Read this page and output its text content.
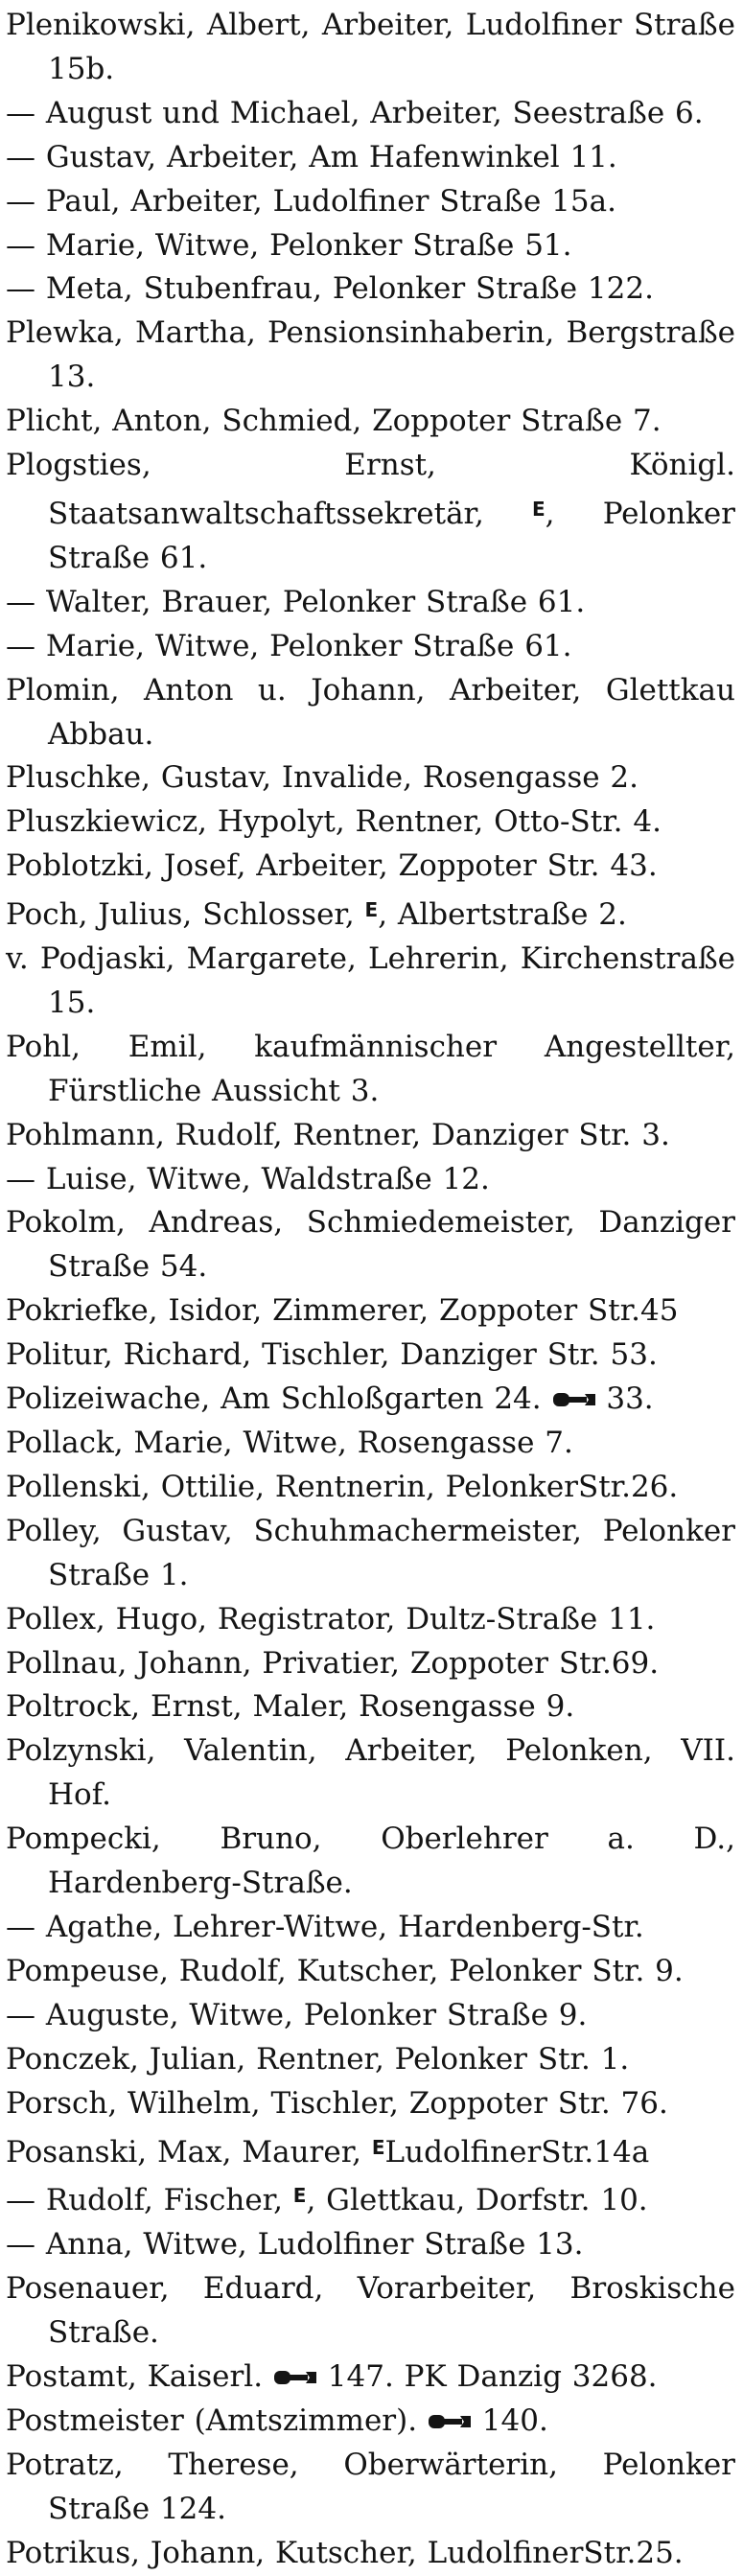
Plenikowski, Albert, Arbeiter, Ludolfiner Straße 15b.
— August und Michael, Arbeiter, Seestraße 6.
— Gustav, Arbeiter, Am Hafenwinkel 11.
— Paul, Arbeiter, Ludolfiner Straße 15a.
— Marie, Witwe, Pelonker Straße 51.
— Meta, Stubenfrau, Pelonker Straße 122.
Plewka, Martha, Pensionsinhaberin, Bergstraße 13.
Plicht, Anton, Schmied, Zoppoter Straße 7.
Plogsties, Ernst, Königl. Staatsanwaltschaftssekretär,	$^E$, Pelonker Straße 61.
— Walter, Brauer, Pelonker Straße 61.
— Marie, Witwe, Pelonker Straße 61.
Plomin, Anton u. Johann, Arbeiter, Glettkau Abbau.
Pluschke, Gustav, Invalide, Rosengasse 2.
Pluszkiewicz, Hypolyt, Rentner, Otto-Str. 4.
Poblotzki, Josef, Arbeiter, Zoppoter Str. 43.
Poch, Julius, Schlosser, $^E$, Albertstraße 2.
v. Podjaski, Margarete, Lehrerin, Kirchenstraße 15.
Pohl, Emil, kaufmännischer Angestellter, Fürstliche Aussicht 3.
Pohlmann, Rudolf, Rentner, Danziger Str. 3.
— Luise, Witwe, Waldstraße 12.
Pokolm, Andreas, Schmiedemeister, Danziger Straße 54.
Pokriefke, Isidor, Zimmerer, Zoppoter Str.45
Politur, Richard, Tischler, Danziger Str. 53.
Polizeiwache, Am Schloßgarten 24. 33.
Pollack, Marie, Witwe, Rosengasse 7.
Pollenski, Ottilie, Rentnerin, PelonkerStr.26.
Polley, Gustav, Schuhmachermeister, Pelonker Straße 1.
Pollex, Hugo, Registrator, Dultz-Straße 11.
Pollnau, Johann, Privatier, Zoppoter Str.69.
Poltrock, Ernst, Maler, Rosengasse 9.
Polzynski, Valentin, Arbeiter, Pelonken, VII. Hof.
Pompecki, Bruno, Oberlehrer a. D., Hardenberg-Straße.
— Agathe, Lehrer-Witwe, Hardenberg-Str.
Pompeuse, Rudolf, Kutscher, Pelonker Str. 9.
— Auguste, Witwe, Pelonker Straße 9.
Ponczek, Julian, Rentner, Pelonker Str. 1.
Porsch, Wilhelm, Tischler, Zoppoter Str. 76.
Posanski, Max, Maurer, $^E$LudolfinerStr.14a
— Rudolf, Fischer, $^E$, Glettkau, Dorfstr. 10.
— Anna, Witwe, Ludolfiner Straße 13.
Posenauer, Eduard, Vorarbeiter, Broskische Straße.
Postamt, Kaiserl. 147. PK Danzig 3268.
Postmeister (Amtszimmer). 140.
Potratz, Therese, Oberwärterin, Pelonker Straße 124.
Potrikus, Johann, Kutscher, LudolfinerStr.25.
